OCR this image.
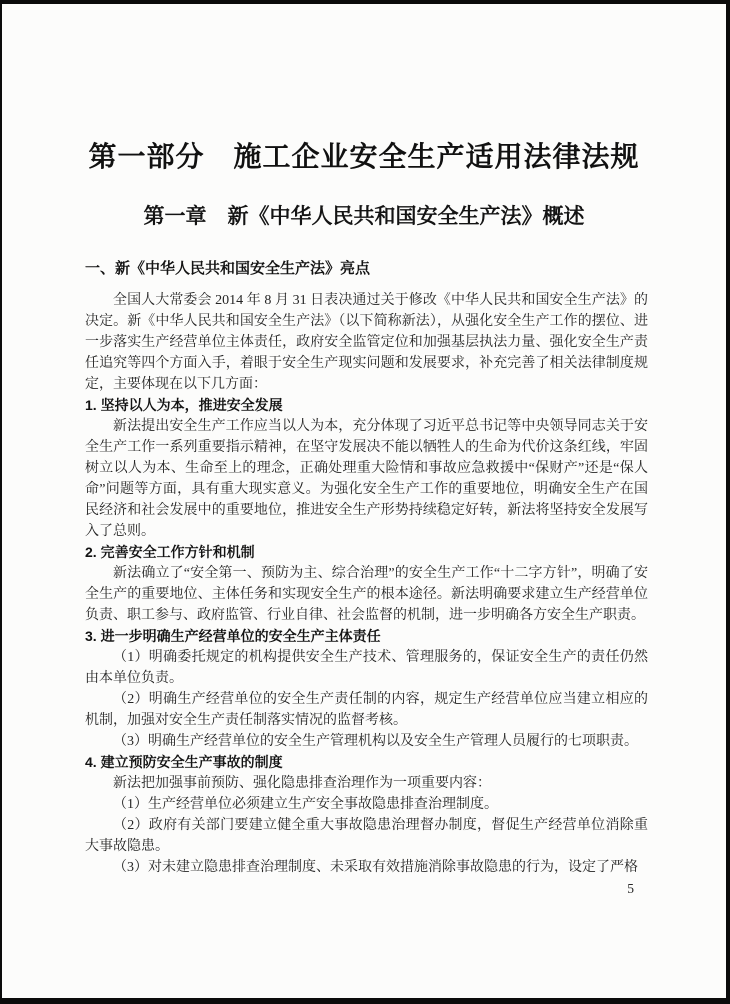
第一部分　施工企业安全生产适用法律法规
第一章　新《中华人民共和国安全生产法》概述
一、新《中华人民共和国安全生产法》亮点

全国人大常委会 2014 年 8 月 31 日表决通过关于修改《中华人民共和国安全生产法》的决定。新《中华人民共和国安全生产法》（以下简称新法），从强化安全生产工作的摆位、进一步落实生产经营单位主体责任，政府安全监管定位和加强基层执法力量、强化安全生产责任追究等四个方面入手，着眼于安全生产现实问题和发展要求，补充完善了相关法律制度规定，主要体现在以下几方面：

1. 坚持以人为本，推进安全发展

新法提出安全生产工作应当以人为本，充分体现了习近平总书记等中央领导同志关于安全生产工作一系列重要指示精神，在坚守发展决不能以牺牲人的生命为代价这条红线，牢固树立以人为本、生命至上的理念，正确处理重大险情和事故应急救援中“保财产”还是“保人命”问题等方面，具有重大现实意义。为强化安全生产工作的重要地位，明确安全生产在国民经济和社会发展中的重要地位，推进安全生产形势持续稳定好转，新法将坚持安全发展写入了总则。

2. 完善安全工作方针和机制

新法确立了“安全第一、预防为主、综合治理”的安全生产工作“十二字方针”，明确了安全生产的重要地位、主体任务和实现安全生产的根本途径。新法明确要求建立生产经营单位负责、职工参与、政府监管、行业自律、社会监督的机制，进一步明确各方安全生产职责。

3. 进一步明确生产经营单位的安全生产主体责任

（1）明确委托规定的机构提供安全生产技术、管理服务的，保证安全生产的责任仍然由本单位负责。

（2）明确生产经营单位的安全生产责任制的内容，规定生产经营单位应当建立相应的机制，加强对安全生产责任制落实情况的监督考核。

（3）明确生产经营单位的安全生产管理机构以及安全生产管理人员履行的七项职责。

4. 建立预防安全生产事故的制度

新法把加强事前预防、强化隐患排查治理作为一项重要内容：

（1）生产经营单位必须建立生产安全事故隐患排查治理制度。

（2）政府有关部门要建立健全重大事故隐患治理督办制度，督促生产经营单位消除重大事故隐患。

（3）对未建立隐患排查治理制度、未采取有效措施消除事故隐患的行为，设定了严格

5
